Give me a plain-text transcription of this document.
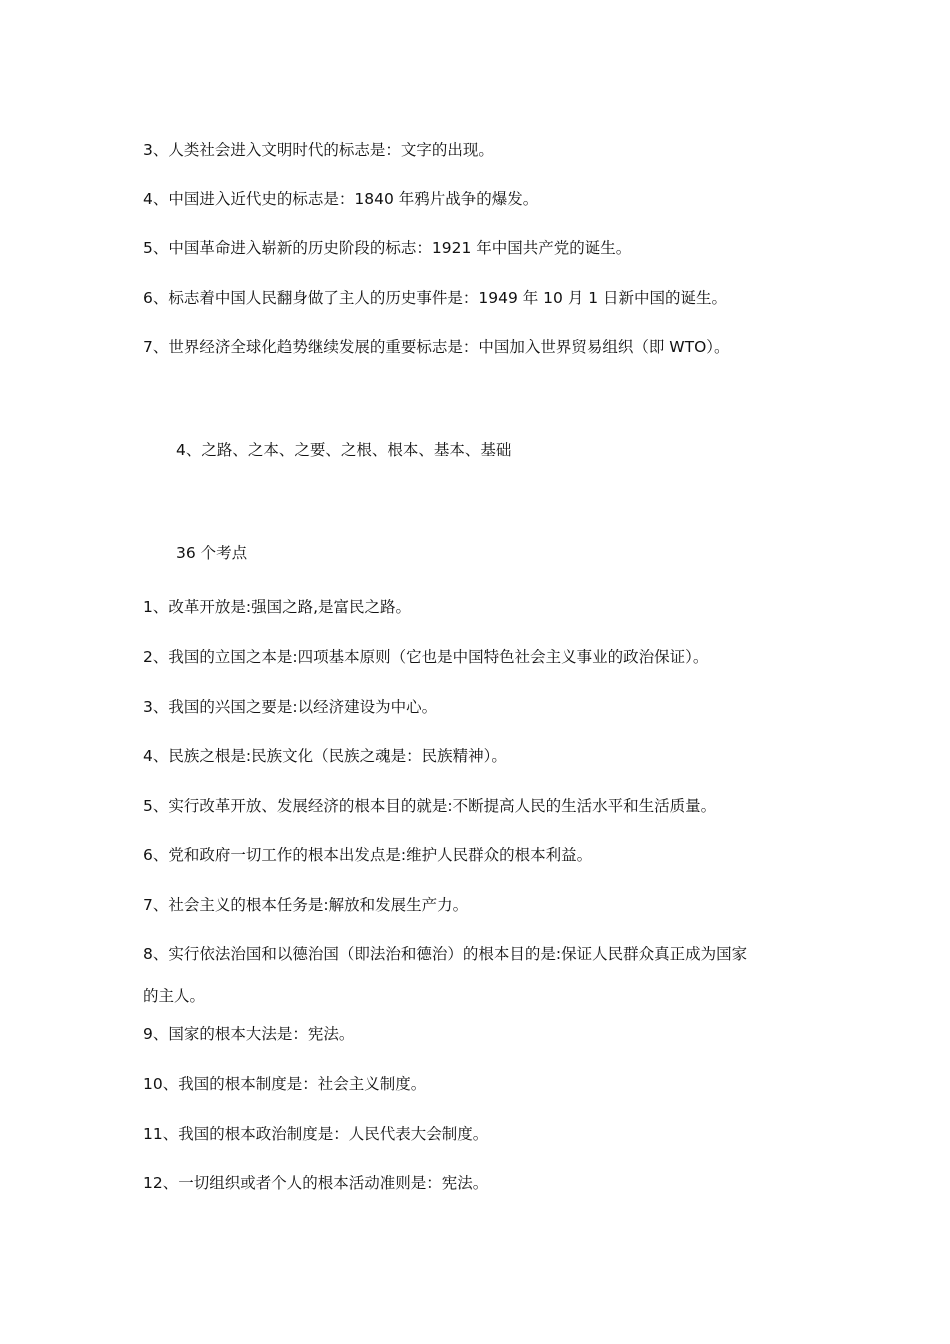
3、人类社会进入文明时代的标志是：文字的出现。
4、中国进入近代史的标志是：1840 年鸦片战争的爆发。
5、中国革命进入崭新的历史阶段的标志：1921 年中国共产党的诞生。
6、标志着中国人民翻身做了主人的历史事件是：1949 年 10 月 1 日新中国的诞生。
7、世界经济全球化趋势继续发展的重要标志是：中国加入世界贸易组织（即 WTO）。
4、之路、之本、之要、之根、根本、基本、基础
36 个考点
1、改革开放是:强国之路,是富民之路。
2、我国的立国之本是:四项基本原则（它也是中国特色社会主义事业的政治保证）。
3、我国的兴国之要是:以经济建设为中心。
4、民族之根是:民族文化（民族之魂是：民族精神）。
5、实行改革开放、发展经济的根本目的就是:不断提高人民的生活水平和生活质量。
6、党和政府一切工作的根本出发点是:维护人民群众的根本利益。
7、社会主义的根本任务是:解放和发展生产力。
8、实行依法治国和以德治国（即法治和德治）的根本目的是:保证人民群众真正成为国家
的主人。
9、国家的根本大法是：宪法。
10、我国的根本制度是：社会主义制度。
11、我国的根本政治制度是：人民代表大会制度。
12、一切组织或者个人的根本活动准则是：宪法。
